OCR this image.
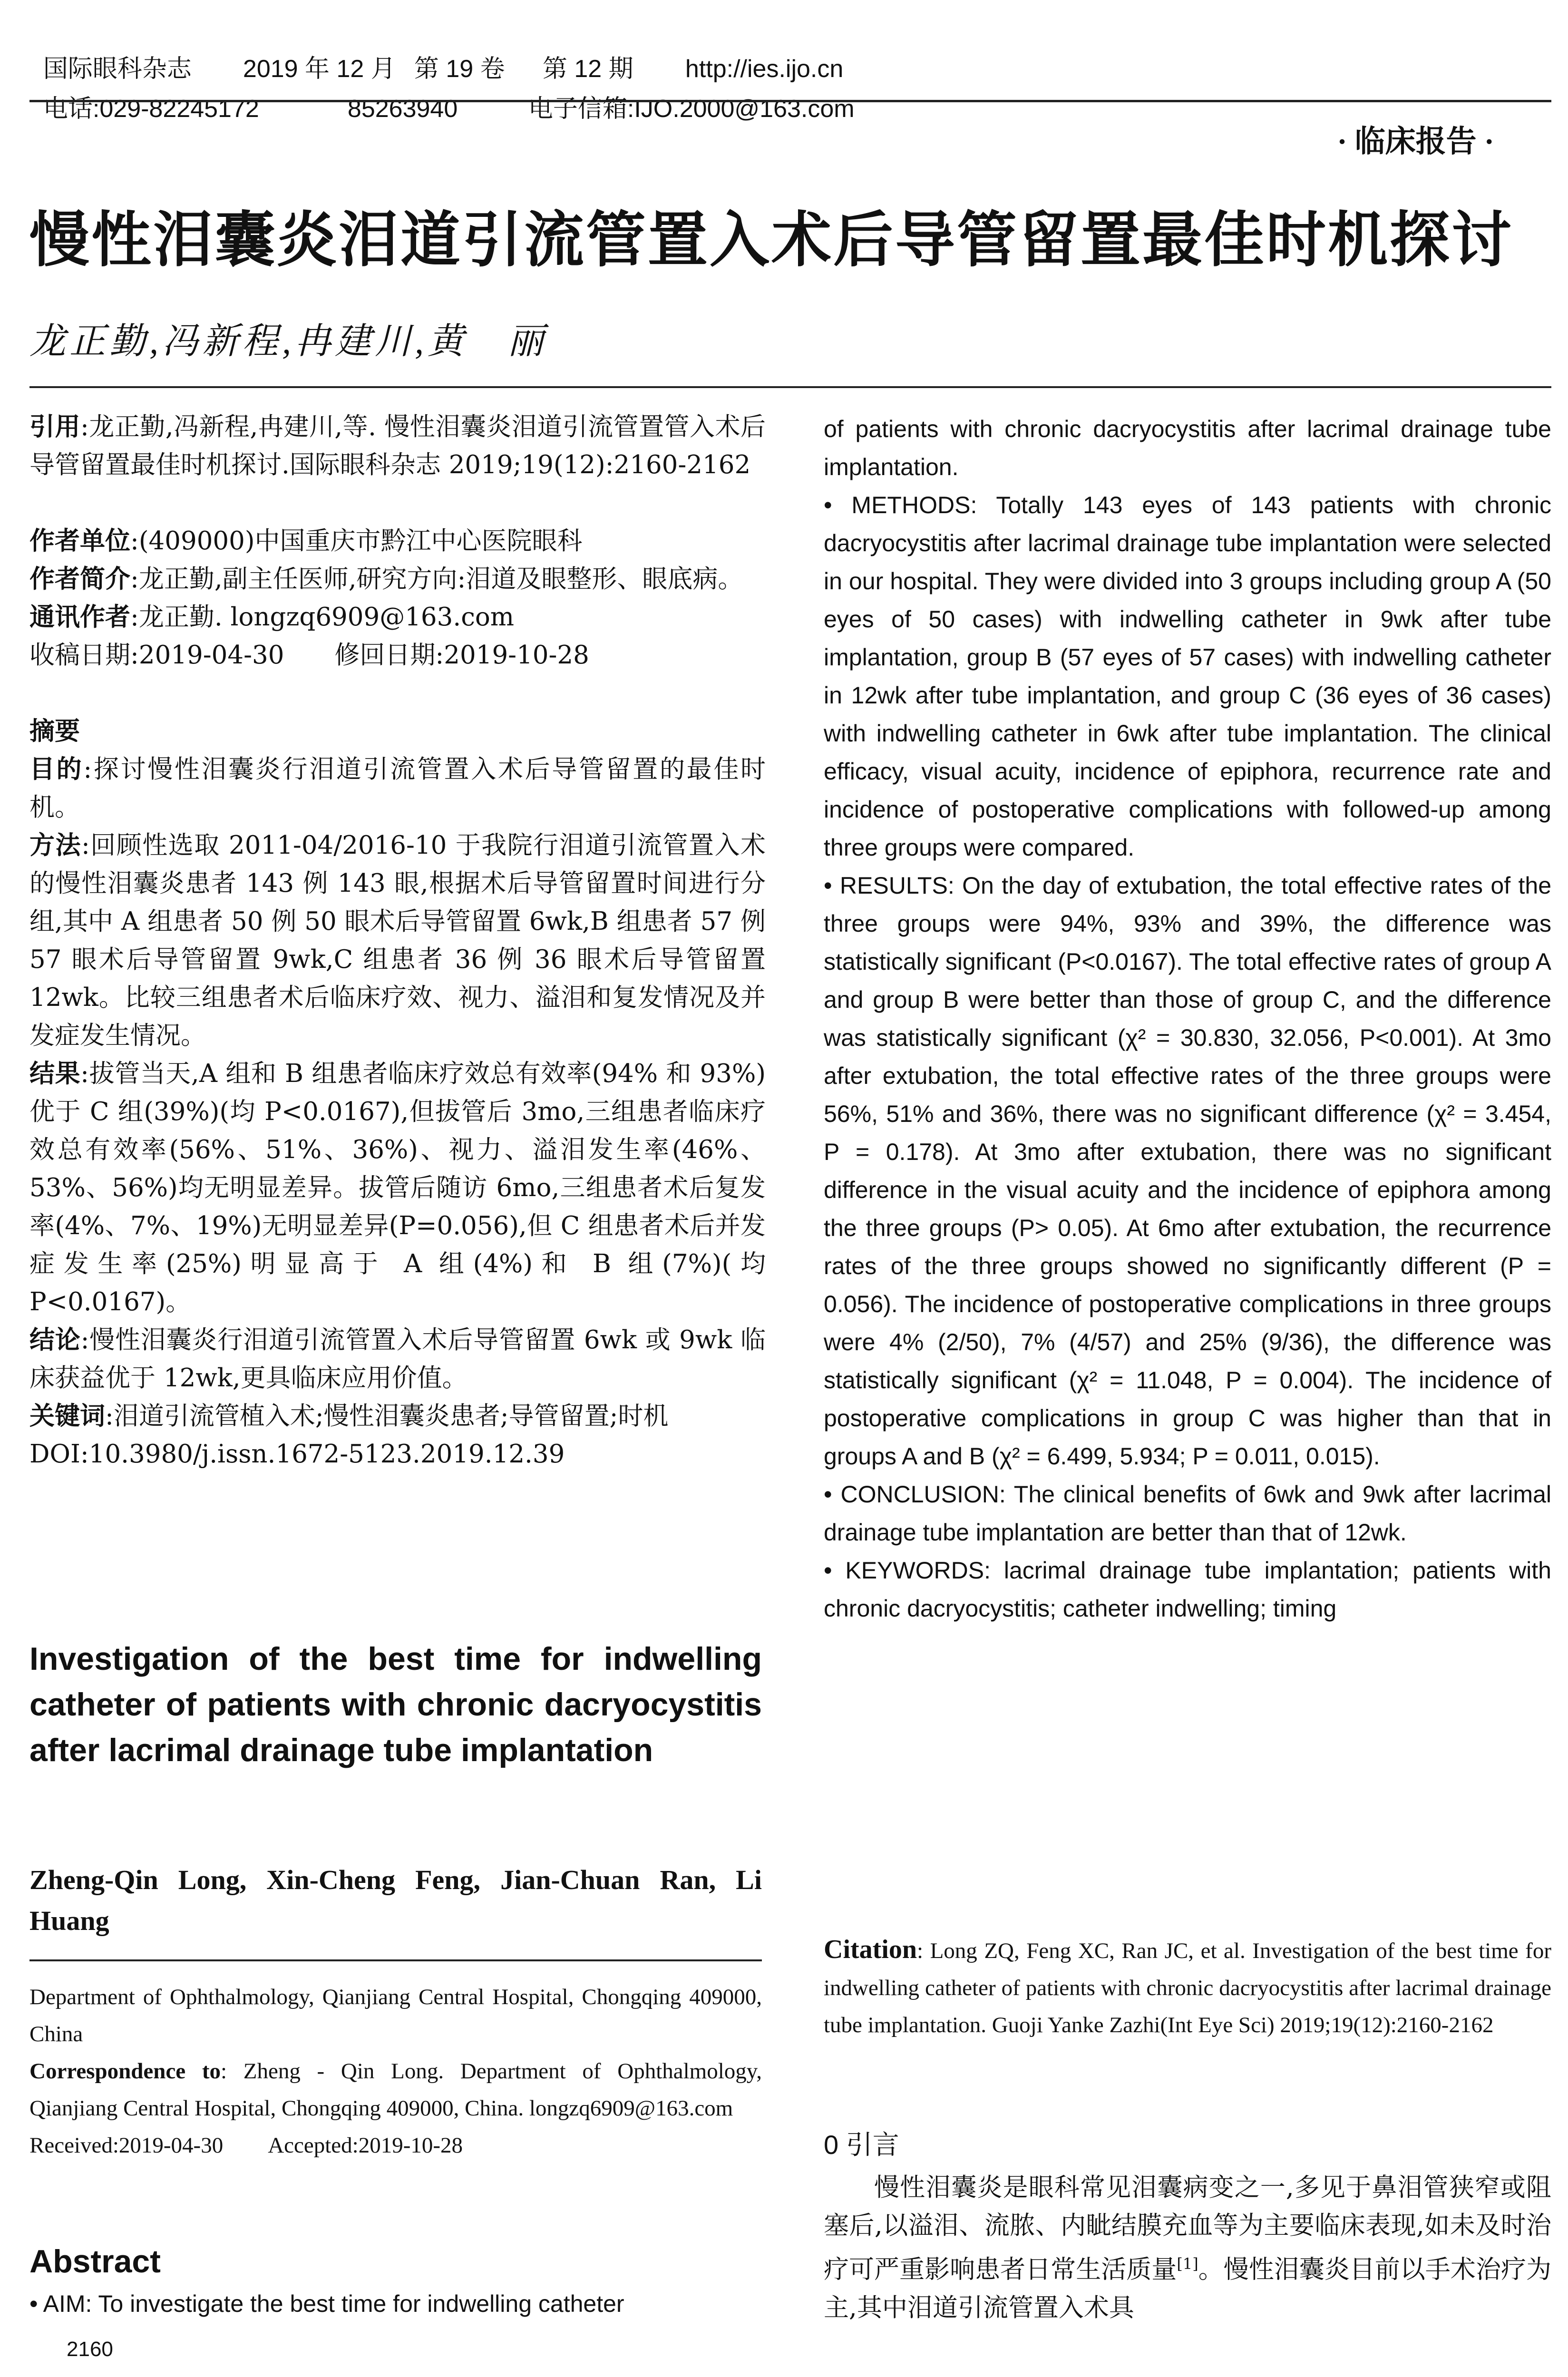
国际眼科杂志 2019 年 12 月 第 19 卷 第 12 期 http://ies.ijo.cn

电话:029-82245172	85263940	电子信箱:IJO.2000@163.com

· 临床报告 ·
慢性泪囊炎泪道引流管置入术后导管留置最佳时机探讨
龙正勤,冯新程,冉建川,黄　丽

引用:龙正勤,冯新程,冉建川,等. 慢性泪囊炎泪道引流管置管入术后导管留置最佳时机探讨.国际眼科杂志 2019;19(12):2160-2162

作者单位:(409000)中国重庆市黔江中心医院眼科

作者简介:龙正勤,副主任医师,研究方向:泪道及眼整形、眼底病。

通讯作者:龙正勤. longzq6909@163.com

收稿日期:2019-04-30　　修回日期:2019-10-28

摘要

目的:探讨慢性泪囊炎行泪道引流管置入术后导管留置的最佳时机。

方法:回顾性选取 2011-04/2016-10 于我院行泪道引流管置入术的慢性泪囊炎患者 143 例 143 眼,根据术后导管留置时间进行分组,其中 A 组患者 50 例 50 眼术后导管留置 6wk,B 组患者 57 例 57 眼术后导管留置 9wk,C 组患者 36 例 36 眼术后导管留置 12wk。比较三组患者术后临床疗效、视力、溢泪和复发情况及并发症发生情况。

结果:拔管当天,A 组和 B 组患者临床疗效总有效率(94% 和 93%)优于 C 组(39%)(均 P<0.0167),但拔管后 3mo,三组患者临床疗效总有效率(56%、51%、36%)、视力、溢泪发生率(46%、53%、56%)均无明显差异。拔管后随访 6mo,三组患者术后复发率(4%、7%、19%)无明显差异(P=0.056),但 C 组患者术后并发症发生率(25%)明显高于 A 组(4%)和 B 组(7%)(均 P<0.0167)。

结论:慢性泪囊炎行泪道引流管置入术后导管留置 6wk 或 9wk 临床获益优于 12wk,更具临床应用价值。

关键词:泪道引流管植入术;慢性泪囊炎患者;导管留置;时机

DOI:10.3980/j.issn.1672-5123.2019.12.39

Investigation of the best time for indwelling catheter of patients with chronic dacryocystitis after lacrimal drainage tube implantation
Zheng-Qin Long, Xin-Cheng Feng, Jian-Chuan Ran, Li Huang

Department of Ophthalmology, Qianjiang Central Hospital, Chongqing 409000, China

Correspondence to: Zheng - Qin Long. Department of Ophthalmology, Qianjiang Central Hospital, Chongqing 409000, China. longzq6909@163.com

Received:2019-04-30　　Accepted:2019-10-28

Abstract
• AIM: To investigate the best time for indwelling catheter
2160

of patients with chronic dacryocystitis after lacrimal drainage tube implantation.

• METHODS: Totally 143 eyes of 143 patients with chronic dacryocystitis after lacrimal drainage tube implantation were selected in our hospital. They were divided into 3 groups including group A (50 eyes of 50 cases) with indwelling catheter in 9wk after tube implantation, group B (57 eyes of 57 cases) with indwelling catheter in 12wk after tube implantation, and group C (36 eyes of 36 cases) with indwelling catheter in 6wk after tube implantation. The clinical efficacy, visual acuity, incidence of epiphora, recurrence rate and incidence of postoperative complications with followed-up among three groups were compared.

• RESULTS: On the day of extubation, the total effective rates of the three groups were 94%, 93% and 39%, the difference was statistically significant (P<0.0167). The total effective rates of group A and group B were better than those of group C, and the difference was statistically significant (χ² = 30.830, 32.056, P<0.001). At 3mo after extubation, the total effective rates of the three groups were 56%, 51% and 36%, there was no significant difference (χ² = 3.454, P = 0.178). At 3mo after extubation, there was no significant difference in the visual acuity and the incidence of epiphora among the three groups (P> 0.05). At 6mo after extubation, the recurrence rates of the three groups showed no significantly different (P = 0.056). The incidence of postoperative complications in three groups were 4% (2/50), 7% (4/57) and 25% (9/36), the difference was statistically significant (χ² = 11.048, P = 0.004). The incidence of postoperative complications in group C was higher than that in groups A and B (χ² = 6.499, 5.934; P = 0.011, 0.015).

• CONCLUSION: The clinical benefits of 6wk and 9wk after lacrimal drainage tube implantation are better than that of 12wk.

• KEYWORDS: lacrimal drainage tube implantation; patients with chronic dacryocystitis; catheter indwelling; timing

Citation: Long ZQ, Feng XC, Ran JC, et al. Investigation of the best time for indwelling catheter of patients with chronic dacryocystitis after lacrimal drainage tube implantation. Guoji Yanke Zazhi(Int Eye Sci) 2019;19(12):2160-2162
0 引言
慢性泪囊炎是眼科常见泪囊病变之一,多见于鼻泪管狭窄或阻塞后,以溢泪、流脓、内眦结膜充血等为主要临床表现,如未及时治疗可严重影响患者日常生活质量[1]。慢性泪囊炎目前以手术治疗为主,其中泪道引流管置入术具
